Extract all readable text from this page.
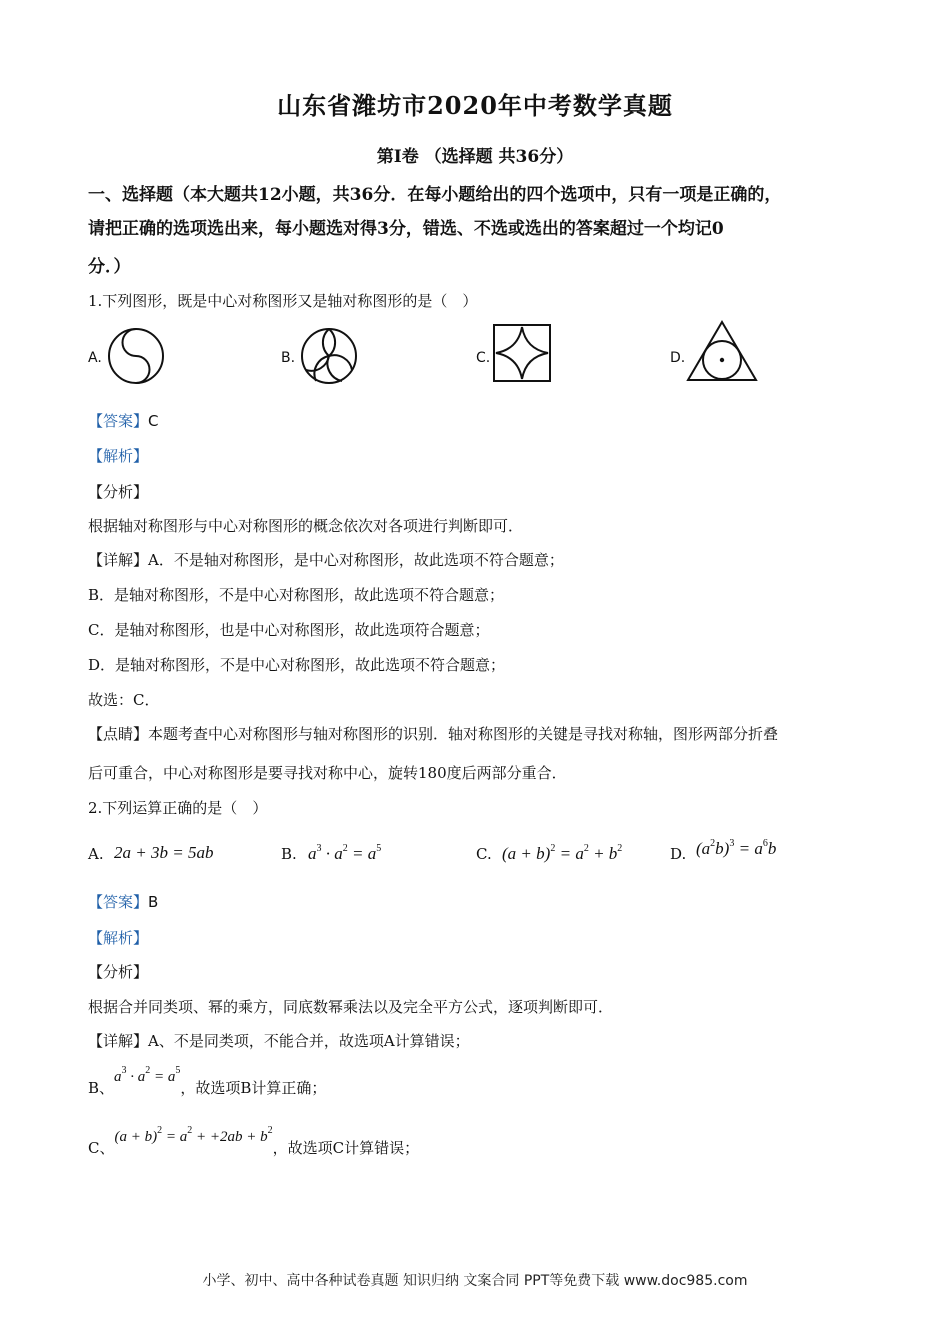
山东省潍坊市2020年中考数学真题
第Ⅰ卷 （选择题 共36分）
一、选择题（本大题共12小题，共36分．在每小题给出的四个选项中，只有一项是正确的，
请把正确的选项选出来，每小题选对得3分，错选、不选或选出的答案超过一个均记0
分．）
1.下列图形，既是中心对称图形又是轴对称图形的是（　）
A.	B.	C.	D.
【答案】C
【解析】
【分析】
根据轴对称图形与中心对称图形的概念依次对各项进行判断即可．
【详解】A．不是轴对称图形，是中心对称图形，故此选项不符合题意；
B．是轴对称图形，不是中心对称图形，故此选项不符合题意；
C．是轴对称图形，也是中心对称图形，故此选项符合题意；
D．是轴对称图形，不是中心对称图形，故此选项不符合题意；
故选：C．
【点睛】本题考查中心对称图形与轴对称图形的识别．轴对称图形的关键是寻找对称轴，图形两部分折叠
后可重合，中心对称图形是要寻找对称中心，旋转180度后两部分重合．
2.下列运算正确的是（　）
A. 2a + 3b = 5ab	B. $a^3 \cdot a^2 = a^5$	C. $(a + b)^2 = a^2 + b^2$	D. $(a^2b)^3 = a^6b$
【答案】B
【解析】
【分析】
根据合并同类项、幂的乘方，同底数幂乘法以及完全平方公式，逐项判断即可．
【详解】A、不是同类项，不能合并，故选项A计算错误；
B、$a^3 \cdot a^2 = a^5$，故选项B计算正确；
C、$(a + b)^2 = a^2 + +2ab + b^2$，故选项C计算错误；
小学、初中、高中各种试卷真题 知识归纳 文案合同 PPT等免费下载 www.doc985.com
